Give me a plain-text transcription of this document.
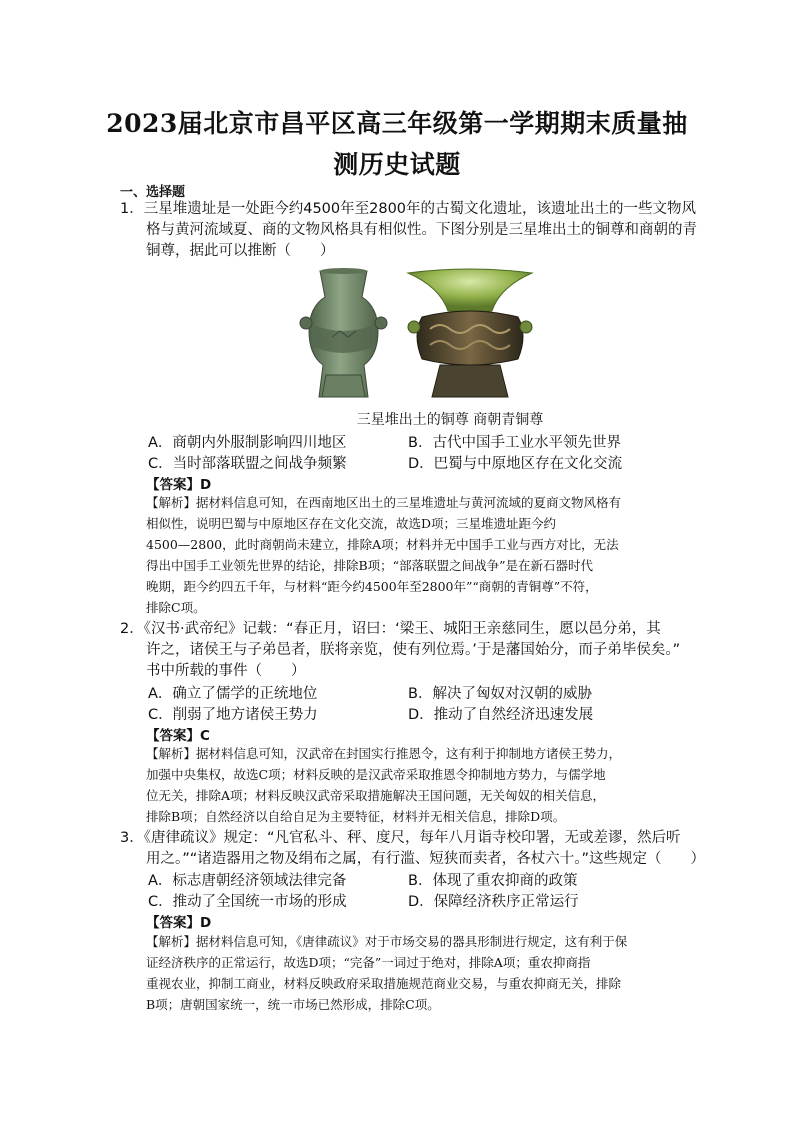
2023届北京市昌平区高三年级第一学期期末质量抽
测历史试题
一、选择题
1．三星堆遗址是一处距今约4500年至2800年的古蜀文化遗址，该遗址出土的一些文物风
格与黄河流域夏、商的文物风格具有相似性。下图分别是三星堆出土的铜尊和商朝的青
铜尊，据此可以推断（　　）
三星堆出土的铜尊 商朝青铜尊
A．商朝内外服制影响四川地区	B．古代中国手工业水平领先世界
C．当时部落联盟之间战争频繁	D．巴蜀与中原地区存在文化交流
【答案】D
【解析】据材料信息可知，在西南地区出土的三星堆遗址与黄河流域的夏商文物风格有
相似性，说明巴蜀与中原地区存在文化交流，故选D项；三星堆遗址距今约
4500—2800，此时商朝尚未建立，排除A项；材料并无中国手工业与西方对比，无法
得出中国手工业领先世界的结论，排除B项；“部落联盟之间战争”是在新石器时代
晚期，距今约四五千年，与材料“距今约4500年至2800年”“商朝的青铜尊”不符，
排除C项。
2．《汉书·武帝纪》记载：“春正月，诏曰：‘梁王、城阳王亲慈同生，愿以邑分弟，其
许之，诸侯王与子弟邑者，朕将亲览，使有列位焉。’于是藩国始分，而子弟毕侯矣。”
书中所载的事件（　　）
A．确立了儒学的正统地位	B．解决了匈奴对汉朝的威胁
C．削弱了地方诸侯王势力	D．推动了自然经济迅速发展
【答案】C
【解析】据材料信息可知，汉武帝在封国实行推恩令，这有利于抑制地方诸侯王势力，
加强中央集权，故选C项；材料反映的是汉武帝采取推恩令抑制地方势力，与儒学地
位无关，排除A项；材料反映汉武帝采取措施解决王国问题，无关匈奴的相关信息，
排除B项；自然经济以自给自足为主要特征，材料并无相关信息，排除D项。
3．《唐律疏议》规定：“凡官私斗、秤、度尺，每年八月诣寺校印署，无或差谬，然后听
用之。”“诸造器用之物及绢布之属，有行滥、短狭而卖者，各杖六十。”这些规定（　　）
A．标志唐朝经济领域法律完备	B．体现了重农抑商的政策
C．推动了全国统一市场的形成	D．保障经济秩序正常运行
【答案】D
【解析】据材料信息可知，《唐律疏议》对于市场交易的器具形制进行规定，这有利于保
证经济秩序的正常运行，故选D项；“完备”一词过于绝对，排除A项；重农抑商指
重视农业，抑制工商业，材料反映政府采取措施规范商业交易，与重农抑商无关，排除
B项；唐朝国家统一，统一市场已然形成，排除C项。
